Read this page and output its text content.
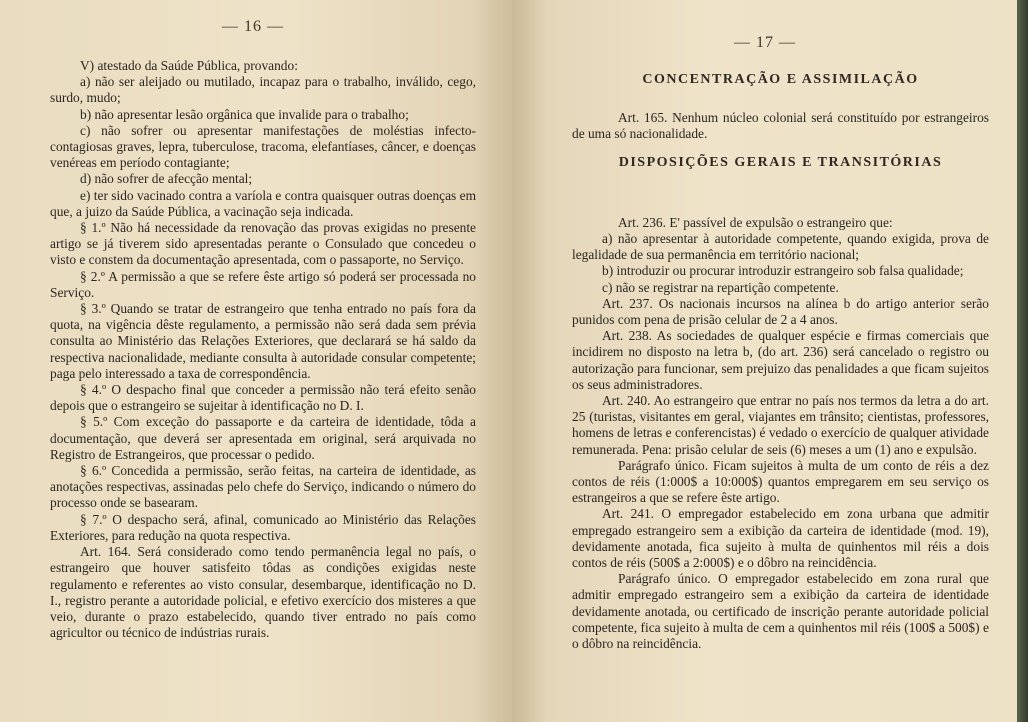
— 16 —

V) atestado da Saúde Pública, provando:

a) não ser aleijado ou mutilado, incapaz para o trabalho, inválido, cego, surdo, mudo;

b) não apresentar lesão orgânica que invalide para o trabalho;

c) não sofrer ou apresentar manifestações de moléstias infecto-contagiosas graves, lepra, tuberculose, tracoma, elefantíases, câncer, e doenças venéreas em período contagiante;

d) não sofrer de afecção mental;

e) ter sido vacinado contra a varíola e contra quaisquer outras doenças em que, a juizo da Saúde Pública, a vacinação seja indicada.

§ 1.º Não há necessidade da renovação das provas exigidas no presente artigo se já tiverem sido apresentadas perante o Consulado que concedeu o visto e constem da documentação apresentada, com o passaporte, no Serviço.

§ 2.º A permissão a que se refere êste artigo só poderá ser processada no Serviço.

§ 3.º Quando se tratar de estrangeiro que tenha entrado no país fora da quota, na vigência dêste regulamento, a permissão não será dada sem prévia consulta ao Ministério das Relações Exteriores, que declarará se há saldo da respectiva nacionalidade, mediante consulta à autoridade consular competente; paga pelo interessado a taxa de correspondência.

§ 4.º O despacho final que conceder a permissão não terá efeito senão depois que o estrangeiro se sujeitar à identificação no D. I.

§ 5.º Com exceção do passaporte e da carteira de identidade, tôda a documentação, que deverá ser apresentada em original, será arquivada no Registro de Estrangeiros, que processar o pedido.

§ 6.º Concedida a permissão, serão feitas, na carteira de identidade, as anotações respectivas, assinadas pelo chefe do Serviço, indicando o número do processo onde se basearam.

§ 7.º O despacho será, afinal, comunicado ao Ministério das Relações Exteriores, para redução na quota respectiva.

Art. 164. Será considerado como tendo permanência legal no país, o estrangeiro que houver satisfeito tôdas as condições exigidas neste regulamento e referentes ao visto consular, desembarque, identificação no D. I., registro perante a autoridade policial, e efetivo exercício dos misteres a que veio, durante o prazo estabelecido, quando tiver entrado no país como agricultor ou técnico de indústrias rurais.

— 17 —
CONCENTRAÇÃO E ASSIMILAÇÃO

Art. 165. Nenhum núcleo colonial será constituído por estrangeiros de uma só nacionalidade.

DISPOSIÇÕES GERAIS E TRANSITÓRIAS

Art. 236. E' passível de expulsão o estrangeiro que:

a) não apresentar à autoridade competente, quando exigida, prova de legalidade de sua permanência em território nacional;

b) introduzir ou procurar introduzir estrangeiro sob falsa qualidade;

c) não se registrar na repartição competente.

Art. 237. Os nacionais incursos na alínea b do artigo anterior serão punidos com pena de prisão celular de 2 a 4 anos.

Art. 238. As sociedades de qualquer espécie e firmas comerciais que incidirem no disposto na letra b, (do art. 236) será cancelado o registro ou autorização para funcionar, sem prejuizo das penalidades a que ficam sujeitos os seus administradores.

Art. 240. Ao estrangeiro que entrar no país nos termos da letra a do art. 25 (turistas, visitantes em geral, viajantes em trânsito; cientistas, professores, homens de letras e conferencistas) é vedado o exercício de qualquer atividade remunerada. Pena: prisão celular de seis (6) meses a um (1) ano e expulsão.

Parágrafo único. Ficam sujeitos à multa de um conto de réis a dez contos de réis (1:000$ a 10:000$) quantos empregarem em seu serviço os estrangeiros a que se refere êste artigo.

Art. 241. O empregador estabelecido em zona urbana que admitir empregado estrangeiro sem a exibição da carteira de identidade (mod. 19), devidamente anotada, fica sujeito à multa de quinhentos mil réis a dois contos de réis (500$ a 2:000$) e o dôbro na reincidência.

Parágrafo único. O empregador estabelecido em zona rural que admitir empregado estrangeiro sem a exibição da carteira de identidade devidamente anotada, ou certificado de inscrição perante autoridade policial competente, fica sujeito à multa de cem a quinhentos mil réis (100$ a 500$) e o dôbro na reincidência.
